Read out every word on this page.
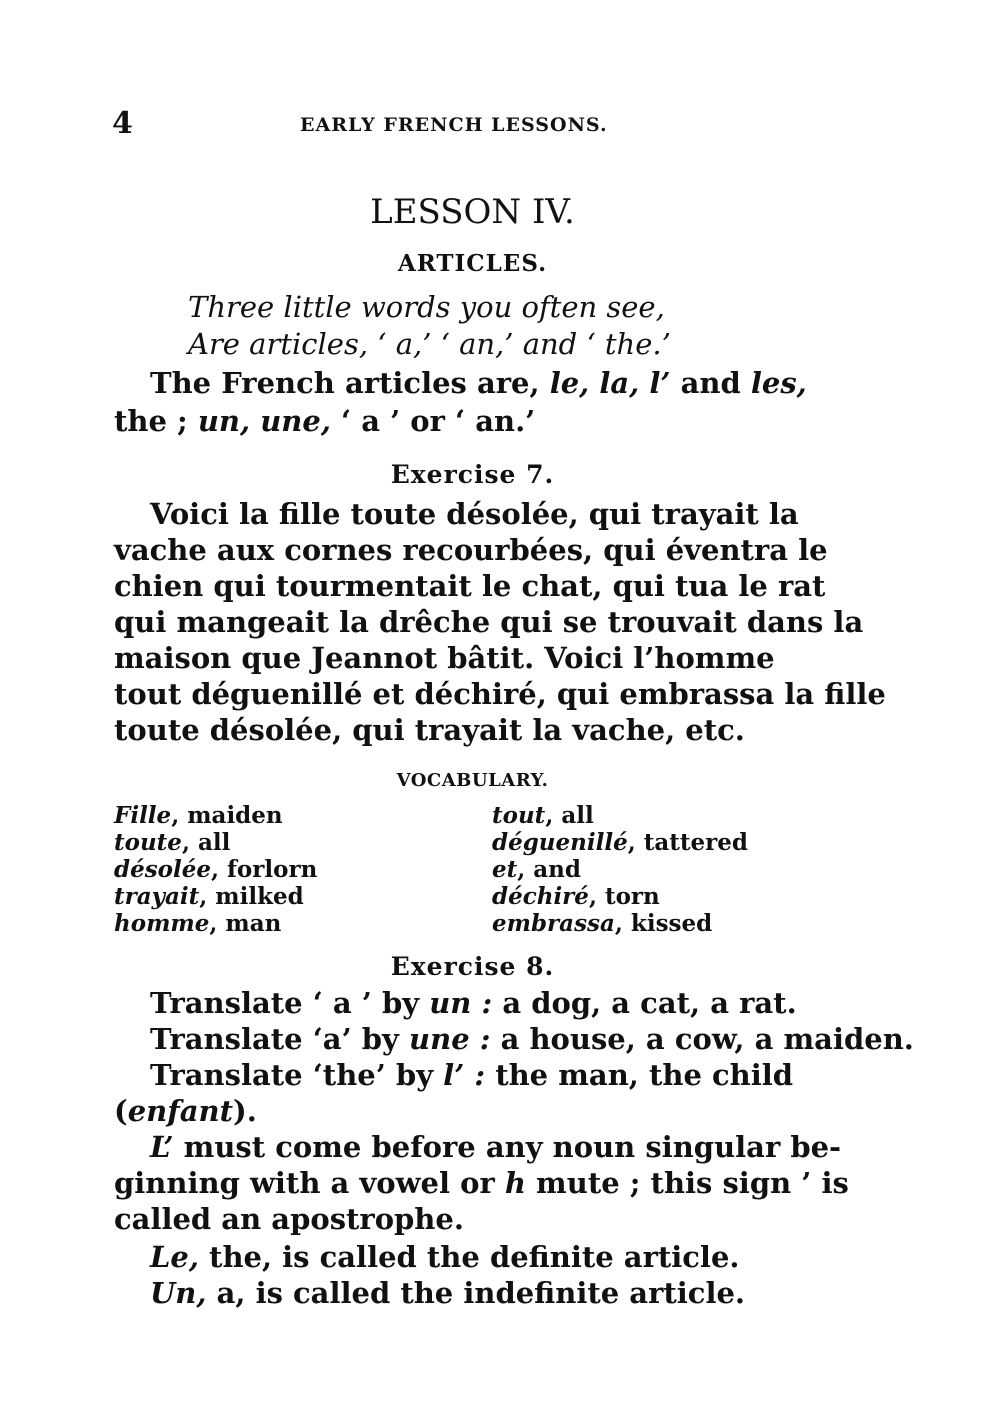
4	EARLY FRENCH LESSONS.
LESSON IV.
ARTICLES.
Three little words you often see,
Are articles, ‘ a,’ ‘ an,’ and ‘ the.’
The French articles are, le, la, l’ and les,
the ; un, une, ‘ a ’ or ‘ an.’
Exercise 7.
Voici la fille toute désolée, qui trayait la
vache aux cornes recourbées, qui éventra le
chien qui tourmentait le chat, qui tua le rat
qui mangeait la drêche qui se trouvait dans la
maison que Jeannot bâtit. Voici l’homme
tout déguenillé et déchiré, qui embrassa la fille
toute désolée, qui trayait la vache, etc.
VOCABULARY.
Fille, maiden
toute, all
désolée, forlorn
trayait, milked
homme, man
tout, all
déguenillé, tattered
et, and
déchiré, torn
embrassa, kissed
Exercise 8.
Translate ‘ a ’ by un : a dog, a cat, a rat.
Translate ‘a’ by une : a house, a cow, a maiden.
Translate ‘the’ by l’ : the man, the child
(enfant).
L’ must come before any noun singular be-
ginning with a vowel or h mute ; this sign ’ is
called an apostrophe.
Le, the, is called the definite article.
Un, a, is called the indefinite article.
